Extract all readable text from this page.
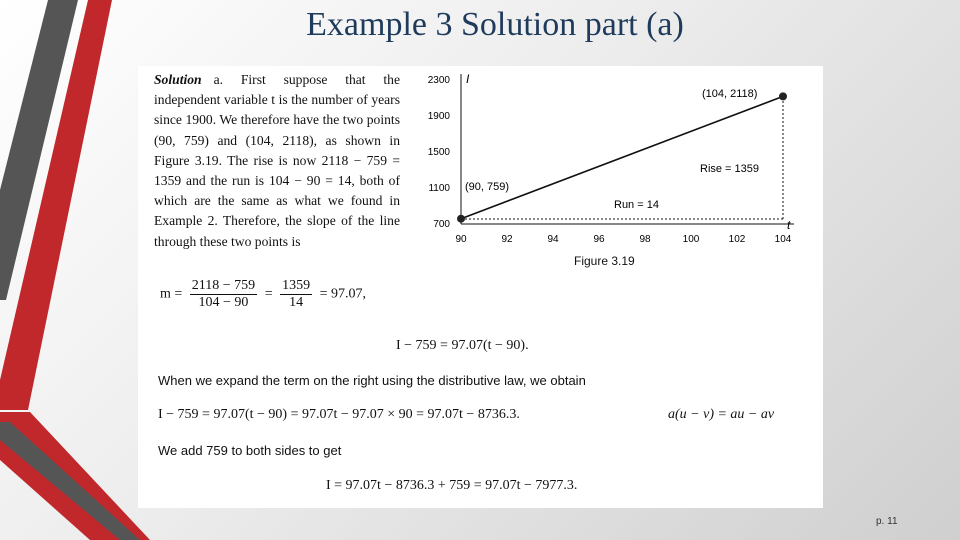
Example 3 Solution part (a)

Solution a. First suppose that the independent variable t is the number of years since 1900. We therefore have the two points (90, 759) and (104, 2118), as shown in Figure 3.19. The rise is now 2118 − 759 = 1359 and the run is 104 − 90 = 14, both of which are the same as what we found in Example 2. Therefore, the slope of the line through these two points is

I
t
2300
1900
1500
1100
700
90	92	94	96	98	100	102	104
(90, 759)
(104, 2118)
Rise = 1359
Run = 14
Figure 3.19
$m = \frac{2118 - 759}{104 - 90} = \frac{1359}{14} = 97.07$,
I − 759 = 97.07(t − 90).
When we expand the term on the right using the distributive law, we obtain
I − 759 = 97.07(t − 90) = 97.07t − 97.07 × 90 = 97.07t − 8736.3.	a(u − v) = au − av
We add 759 to both sides to get
I = 97.07t − 8736.3 + 759 = 97.07t − 7977.3.
p. 11
